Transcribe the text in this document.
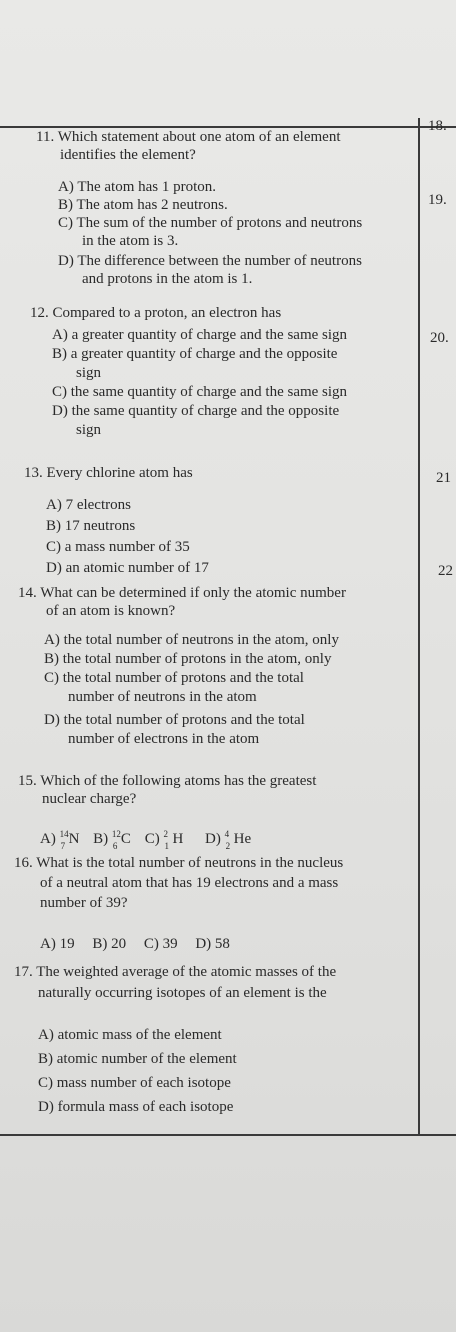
18.
19.
20.
21
22
11. Which statement about one atom of an element
identifies the element?
A) The atom has 1 proton.
B) The atom has 2 neutrons.
C) The sum of the number of protons and neutrons
in the atom is 3.
D) The difference between the number of neutrons
and protons in the atom is 1.
12. Compared to a proton, an electron has
A) a greater quantity of charge and the same sign
B) a greater quantity of charge and the opposite
sign
C) the same quantity of charge and the same sign
D) the same quantity of charge and the opposite
sign
13. Every chlorine atom has
A) 7 electrons
B) 17 neutrons
C) a mass number of 35
D) an atomic number of 17
14. What can be determined if only the atomic number
of an atom is known?
A) the total number of neutrons in the atom, only
B) the total number of protons in the atom, only
C) the total number of protons and the total
number of neutrons in the atom
D) the total number of protons and the total
number of electrons in the atom
15. Which of the following atoms has the greatest
nuclear charge?
A) 14
7 N B) 12
6 C C) 2
1 H D) 4
2 He
16. What is the total number of neutrons in the nucleus
of a neutral atom that has 19 electrons and a mass
number of 39?
A) 19 B) 20 C) 39 D) 58
17. The weighted average of the atomic masses of the
naturally occurring isotopes of an element is the
A) atomic mass of the element
B) atomic number of the element
C) mass number of each isotope
D) formula mass of each isotope
